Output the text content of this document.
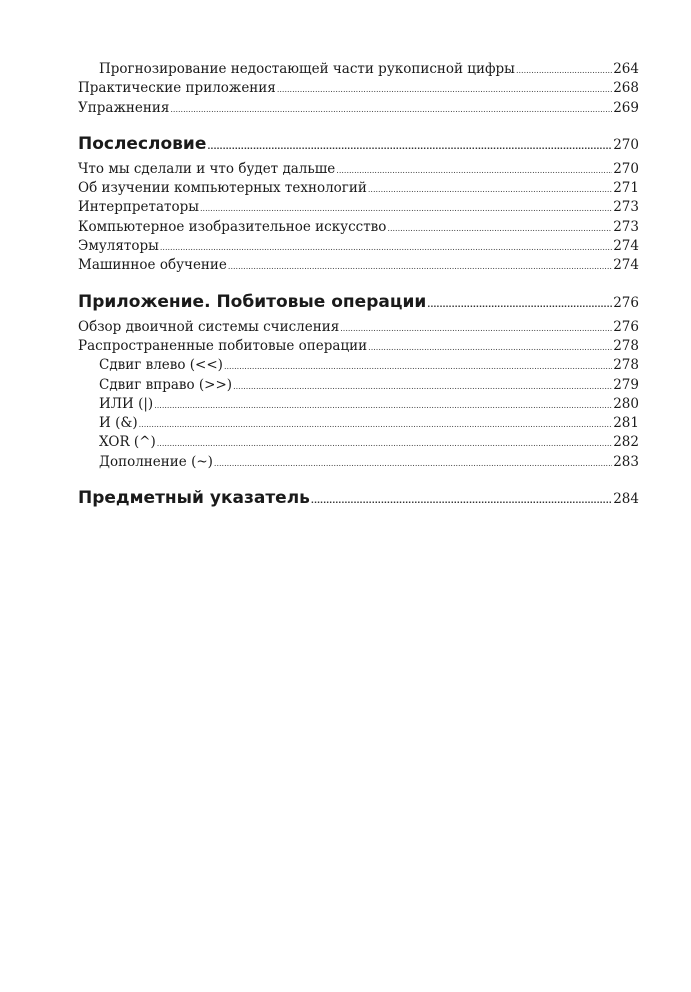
Прогнозирование недостающей части рукописной цифры .....	264
Практические приложения .....	268
Упражнения .....	269
Послесловие .....	270
Что мы сделали и что будет дальше .....	270
Об изучении компьютерных технологий .....	271
Интерпретаторы .....	273
Компьютерное изобразительное искусство .....	273
Эмуляторы .....	274
Машинное обучение .....	274
Приложение. Побитовые операции .....	276
Обзор двоичной системы счисления .....	276
Распространенные побитовые операции .....	278
Сдвиг влево (<<) .....	278
Сдвиг вправо (>>) .....	279
ИЛИ (|) .....	280
И (&) .....	281
XOR (^) .....	282
Дополнение (~) .....	283
Предметный указатель .....	284
